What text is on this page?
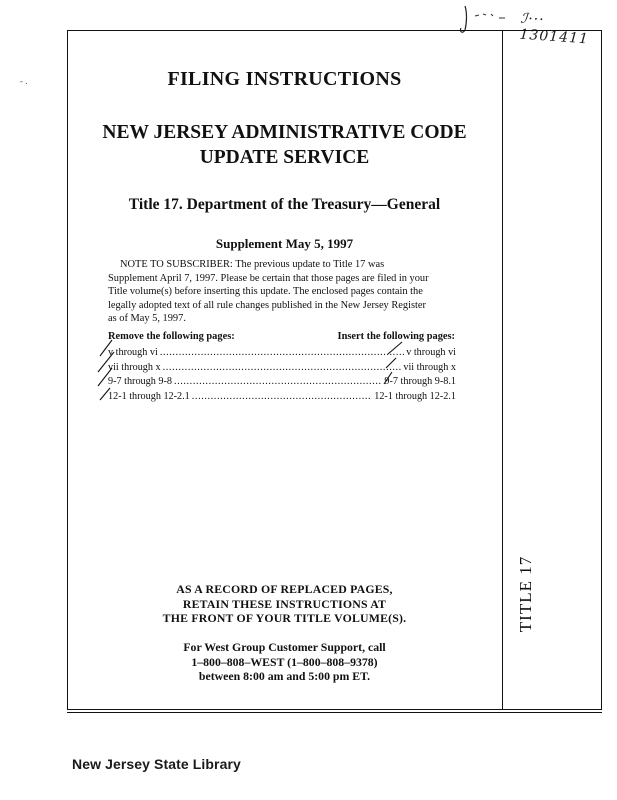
ℐ··· 1301411
- .
TITLE 17
FILING INSTRUCTIONS
NEW JERSEY ADMINISTRATIVE CODE
UPDATE SERVICE
Title 17. Department of the Treasury—General
Supplement May 5, 1997
NOTE TO SUBSCRIBER: The previous update to Title 17 was
Supplement April 7, 1997. Please be certain that those pages are filed in your
Title volume(s) before inserting this update. The enclosed pages contain the
legally adopted text of all rule changes published in the New Jersey Register
as of May 5, 1997.
Remove the following pages:	Insert the following pages:
v through vi .....	v through vi
vii through x .....	vii through x
9-7 through 9-8 .....	9-7 through 9-8.1
12-1 through 12-2.1 .....	12-1 through 12-2.1
AS A RECORD OF REPLACED PAGES,
RETAIN THESE INSTRUCTIONS AT
THE FRONT OF YOUR TITLE VOLUME(S).
For West Group Customer Support, call
1–800–808–WEST (1–800–808–9378)
between 8:00 am and 5:00 pm ET.
New Jersey State Library
